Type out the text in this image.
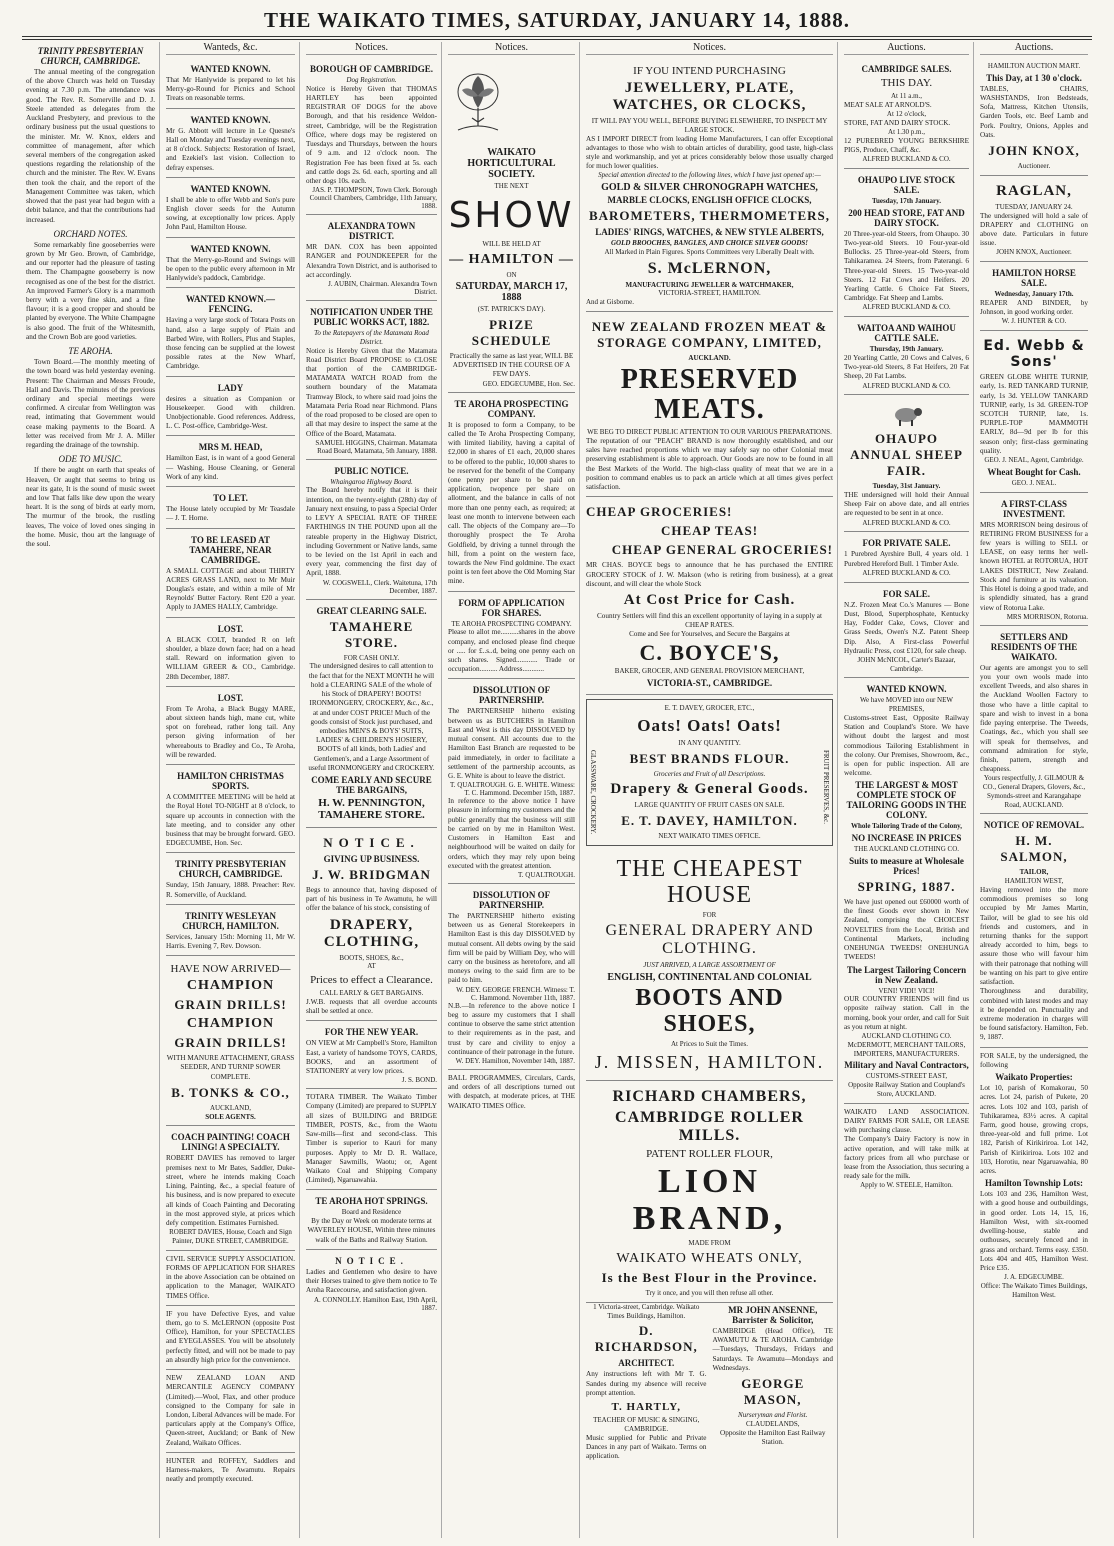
THE WAIKATO TIMES, SATURDAY, JANUARY 14, 1888.
TRINITY PRESBYTERIAN CHURCH, CAMBRIDGE.

The annual meeting of the congregation of the above Church was held on Tuesday evening at 7.30 p.m. The attendance was good. The Rev. R. Somerville and D. J. Steele attended as delegates from the Auckland Presbytery, and previous to the ordinary business put the usual questions to the minister. Mr. W. Knox, elders and committee of management, after which several members of the congregation asked questions regarding the relationship of the church and the minister. The Rev. W. Evans then took the chair, and the report of the Management Committee was taken, which showed that the past year had begun with a debit balance, and that the contributions had increased.

ORCHARD NOTES.

Some remarkably fine gooseberries were grown by Mr Geo. Brown, of Cambridge, and our reporter had the pleasure of tasting them. The Champagne gooseberry is now recognised as one of the best for the district. An improved Farmer's Glory is a mammoth berry with a very fine skin, and a fine flavour; it is a good cropper and should be planted by everyone. The White Champagne is also good. The fruit of the Whitesmith, and the Crown Bob are good varieties.

TE AROHA.

Town Board.—The monthly meeting of the town board was held yesterday evening. Present: The Chairman and Messrs Froude, Hall and Davis. The minutes of the previous ordinary and special meetings were confirmed. A circular from Wellington was read, intimating that Government would cease making payments to the Board. A letter was received from Mr J. A. Miller regarding the drainage of the township.

ODE TO MUSIC.

If there be aught on earth that speaks of Heaven, Or aught that seems to bring us near its gate, It is the sound of music sweet and low That falls like dew upon the weary heart. It is the song of birds at early morn, The murmur of the brook, the rustling leaves, The voice of loved ones singing in the home. Music, thou art the language of the soul.

Wanteds, &c.
WANTED KNOWN.
That Mr Hanlywide is prepared to let his Merry-go-Round for Picnics and School Treats on reasonable terms.
WANTED KNOWN.
Mr G. Abbott will lecture in Le Quesne's Hall on Monday and Tuesday evenings next, at 8 o'clock. Subjects: Restoration of Israel, and Ezekiel's last vision. Collection to defray expenses.
WANTED KNOWN.
I shall be able to offer Webb and Son's pure English clover seeds for the Autumn sowing, at exceptionally low prices. Apply John Paul, Hamilton House.
WANTED KNOWN.
That the Merry-go-Round and Swings will be open to the public every afternoon in Mr Hanlywide's paddock, Cambridge.
WANTED KNOWN.—FENCING.
Having a very large stock of Totara Posts on hand, also a large supply of Plain and Barbed Wire, with Rollers, Plus and Staples, those fencing can be supplied at the lowest possible rates at the New Wharf, Cambridge.
LADY
desires a situation as Companion or Housekeeper. Good with children. Unobjectionable. Good references. Address, L. C. Post-office, Cambridge-West.
MRS M. HEAD,
Hamilton East, is in want of a good General — Washing, House Cleaning, or General Work of any kind.
TO LET.
The House lately occupied by Mr Teasdale — J. T. Horne.
TO BE LEASED AT TAMAHERE, NEAR CAMBRIDGE.
A SMALL COTTAGE and about THIRTY ACRES GRASS LAND, next to Mr Muir Douglas's estate, and within a mile of Mr Reynolds' Butter Factory. Rent £20 a year. Apply to JAMES HALLY, Cambridge.
LOST.
A BLACK COLT, branded R on left shoulder, a blaze down face; had on a head stall. Reward on information given to WILLIAM GREER & CO., Cambridge. 28th December, 1887.
LOST.
From Te Aroha, a Black Buggy MARE, about sixteen hands high, mane cut, white spot on forehead, rather long tail. Any person giving information of her whereabouts to Bradley and Co., Te Aroha, will be rewarded.
HAMILTON CHRISTMAS SPORTS.
A COMMITTEE MEETING will be held at the Royal Hotel TO-NIGHT at 8 o'clock, to square up accounts in connection with the late meeting, and to consider any other business that may be brought forward. GEO. EDGECUMBE, Hon. Sec.
TRINITY PRESBYTERIAN CHURCH, CAMBRIDGE.
Sunday, 15th January, 1888. Preacher: Rev. R. Somerville, of Auckland.
TRINITY WESLEYAN CHURCH, HAMILTON.
Services, January 15th: Morning 11, Mr W. Harris. Evening 7, Rev. Dowson.
HAVE NOW ARRIVED—
CHAMPION
GRAIN DRILLS!
CHAMPION
GRAIN DRILLS!
WITH MANURE ATTACHMENT, GRASS SEEDER, AND TURNIP SOWER COMPLETE.
B. TONKS & CO.,
AUCKLAND,
SOLE AGENTS.
COACH PAINTING! COACH LINING! A SPECIALTY.
ROBERT DAVIES has removed to larger premises next to Mr Bates, Saddler, Duke-street, where he intends making Coach Lining, Painting, &c., a special feature of his business, and is now prepared to execute all kinds of Coach Painting and Decorating in the most approved style, at prices which defy competition. Estimates Furnished.
ROBERT DAVIES, House, Coach and Sign Painter, DUKE STREET, CAMBRIDGE.
CIVIL SERVICE SUPPLY ASSOCIATION. FORMS OF APPLICATION FOR SHARES in the above Association can be obtained on application to the Manager, WAIKATO TIMES Office.
IF you have Defective Eyes, and value them, go to S. McLERNON (opposite Post Office), Hamilton, for your SPECTACLES and EYEGLASSES. You will be absolutely perfectly fitted, and will not be made to pay an absurdly high price for the convenience.
NEW ZEALAND LOAN AND MERCANTILE AGENCY COMPANY (Limited).—Wool, Flax, and other produce consigned to the Company for sale in London, Liberal Advances will be made. For particulars apply at the Company's Office, Queen-street, Auckland; or Bank of New Zealand, Waikato Offices.
HUNTER and ROFFEY, Saddlers and Harness-makers, Te Awamutu. Repairs neatly and promptly executed.
Notices.
BOROUGH OF CAMBRIDGE.
Dog Registration.
Notice is Hereby Given that THOMAS HARTLEY has been appointed REGISTRAR OF DOGS for the above Borough, and that his residence Weldon-street, Cambridge, will be the Registration Office, where dogs may be registered on Tuesdays and Thursdays, between the hours of 9 a.m. and 12 o'clock noon. The Registration Fee has been fixed at 5s. each and cattle dogs 2s. 6d. each, sporting and all other dogs 10s. each.
JAS. P. THOMPSON, Town Clerk. Borough Council Chambers, Cambridge, 11th January, 1888.
ALEXANDRA TOWN DISTRICT.
MR DAN. COX has been appointed RANGER and POUNDKEEPER for the Alexandra Town District, and is authorised to act accordingly.
J. AUBIN, Chairman. Alexandra Town District.
NOTIFICATION UNDER THE PUBLIC WORKS ACT, 1882.
To the Ratepayers of the Matamata Road District.
Notice is Hereby Given that the Matamata Road District Board PROPOSE to CLOSE that portion of the CAMBRIDGE-MATAMATA WATCH ROAD from the southern boundary of the Matamata Tramway Block, to where said road joins the Matamata Peria Road near Richmond. Plans of the road proposed to be closed are open to all that may desire to inspect the same at the Office of the Board, Matamata.
SAMUEL HIGGINS, Chairman. Matamata Road Board, Matamata, 5th January, 1888.
PUBLIC NOTICE.
Whaingaroa Highway Board.
The Board hereby notify that it is their intention, on the twenty-eighth (28th) day of January next ensuing, to pass a Special Order to LEVY A SPECIAL RATE OF THREE FARTHINGS IN THE POUND upon all the rateable property in the Highway District, including Government or Native lands, same to be levied on the 1st April in each and every year, commencing the first day of April, 1888.
W. COGSWELL, Clerk. Waitetuna, 17th December, 1887.
GREAT CLEARING SALE.
TAMAHERE STORE.
FOR CASH ONLY.
The undersigned desires to call attention to the fact that for the NEXT MONTH he will hold a CLEARING SALE of the whole of his Stock of DRAPERY! BOOTS! IRONMONGERY, CROCKERY, &c., &c., at and under COST PRICE! Much of the goods consist of Stock just purchased, and embodies MEN'S & BOYS' SUITS, LADIES' & CHILDREN'S HOSIERY, BOOTS of all kinds, both Ladies' and Gentlemen's, and a Large Assortment of useful IRONMONGERY and CROCKERY.
COME EARLY AND SECURE THE BARGAINS,
H. W. PENNINGTON, TAMAHERE STORE.
NOTICE.
GIVING UP BUSINESS.
J. W. BRIDGMAN
Begs to announce that, having disposed of part of his business in Te Awamutu, he will offer the balance of his stock, consisting of
DRAPERY, CLOTHING,
BOOTS, SHOES, &c.,
AT
Prices to effect a Clearance.
CALL EARLY & GET BARGAINS.
J.W.B. requests that all overdue accounts shall be settled at once.
FOR THE NEW YEAR.
ON VIEW at Mr Campbell's Store, Hamilton East, a variety of handsome TOYS, CARDS, BOOKS, and an assortment of STATIONERY at very low prices.
J. S. BOND.
TOTARA TIMBER. The Waikato Timber Company (Limited) are prepared to SUPPLY all sizes of BUILDING and BRIDGE TIMBER, POSTS, &c., from the Waotu Saw-mills—first and second-class. This Timber is superior to Kauri for many purposes. Apply to Mr D. R. Wallace, Manager Sawmills, Waotu; or, Agent Waikato Coal and Shipping Company (Limited), Ngaruawahia.
TE AROHA HOT SPRINGS.
Board and Residence
By the Day or Week on moderate terms at WAVERLEY HOUSE, Within three minutes walk of the Baths and Railway Station.
NOTICE.
Ladies and Gentlemen who desire to have their Horses trained to give them notice to Te Aroha Racecourse, and satisfaction given.
A. CONNOLLY. Hamilton East, 19th April, 1887.
Notices.
WAIKATO HORTICULTURAL SOCIETY.
THE NEXT
SHOW
WILL BE HELD AT
— HAMILTON —
ON
SATURDAY, MARCH 17, 1888
(ST. PATRICK'S DAY).
PRIZE SCHEDULE
Practically the same as last year, WILL BE ADVERTISED IN THE COURSE OF A FEW DAYS.
GEO. EDGECUMBE, Hon. Sec.
TE AROHA PROSPECTING COMPANY.
It is proposed to form a Company, to be called the Te Aroha Prospecting Company, with limited liability, having a capital of £2,000 in shares of £1 each, 20,000 shares to be offered to the public, 10,000 shares to be reserved for the benefit of the Company (one penny per share to be paid on application, twopence per share on allotment, and the balance in calls of not more than one penny each, as required; at least one month to intervene between each call. The objects of the Company are—To thoroughly prospect the Te Aroha Goldfield, by driving a tunnel through the hill, from a point on the western face, towards the New Find goldmine. The exact point is ten feet above the Old Morning Star mine.
FORM OF APPLICATION FOR SHARES.
TE AROHA PROSPECTING COMPANY.
Please to allot me..........shares in the above company, and enclosed please find cheque or ..... for £..s..d, being one penny each on such shares. Signed............ Trade or occupation.......... Address............
DISSOLUTION OF PARTNERSHIP.
The PARTNERSHIP hitherto existing between us as BUTCHERS in Hamilton East and West is this day DISSOLVED by mutual consent. All accounts due to the Hamilton East Branch are requested to be paid immediately, in order to facilitate a settlement of the partnership accounts, as G. E. White is about to leave the district.
T. QUALTROUGH. G. E. WHITE. Witness: T. C. Hammond. December 15th, 1887.
In reference to the above notice I have pleasure in informing my customers and the public generally that the business will still be carried on by me in Hamilton West. Customers in Hamilton East and neighbourhood will be waited on daily for orders, which they may rely upon being executed with the greatest attention.
T. QUALTROUGH.
DISSOLUTION OF PARTNERSHIP.
The PARTNERSHIP hitherto existing between us as General Storekeepers in Hamilton East is this day DISSOLVED by mutual consent. All debts owing by the said firm will be paid by William Dey, who will carry on the business as heretofore, and all moneys owing to the said firm are to be paid to him.
W. DEY. GEORGE FRENCH. Witness: T. C. Hammond. November 11th, 1887.
N.B.—In reference to the above notice I beg to assure my customers that I shall continue to observe the same strict attention to their requirements as in the past, and trust by care and civility to enjoy a continuance of their patronage in the future.
W. DEY. Hamilton, November 14th, 1887.
BALL PROGRAMMES, Circulars, Cards, and orders of all descriptions turned out with despatch, at moderate prices, at THE WAIKATO TIMES Office.
Notices.
IF YOU INTEND PURCHASING
JEWELLERY, PLATE, WATCHES, OR CLOCKS,
IT WILL PAY YOU WELL, BEFORE BUYING ELSEWHERE, TO INSPECT MY LARGE STOCK.
AS I IMPORT DIRECT from leading Home Manufacturers, I can offer Exceptional advantages to those who wish to obtain articles of durability, good taste, high-class style and workmanship, and yet at prices considerably below those usually charged for much lower qualities.
Special attention directed to the following lines, which I have just opened up:—
GOLD & SILVER CHRONOGRAPH WATCHES,
MARBLE CLOCKS, ENGLISH OFFICE CLOCKS,
BAROMETERS, THERMOMETERS,
LADIES' RINGS, WATCHES, & NEW STYLE ALBERTS,
GOLD BROOCHES, BANGLES, AND CHOICE SILVER GOODS!
All Marked in Plain Figures. Sports Committees very Liberally Dealt with.
S. McLERNON,
MANUFACTURING JEWELLER & WATCHMAKER,
VICTORIA-STREET, HAMILTON.
And at Gisborne.
NEW ZEALAND FROZEN MEAT & STORAGE COMPANY, LIMITED,
AUCKLAND.
PRESERVED MEATS.
WE BEG TO DIRECT PUBLIC ATTENTION TO OUR VARIOUS PREPARATIONS.
The reputation of our "PEACH" BRAND is now thoroughly established, and our sales have reached proportions which we may safely say no other Colonial meat preserving establishment is able to approach. Our Goods are now to be found in all the Best Markets of the World. The high-class quality of meat that we are in a position to command enables us to pack an article which at all times gives perfect satisfaction.
CHEAP GROCERIES!
CHEAP TEAS!
CHEAP GENERAL GROCERIES!
MR CHAS. BOYCE begs to announce that he has purchased the ENTIRE GROCERY STOCK of J. W. Makson (who is retiring from business), at a great discount, and will clear the whole Stock
At Cost Price for Cash.
Country Settlers will find this an excellent opportunity of laying in a supply at CHEAP RATES.
Come and See for Yourselves, and Secure the Bargains at
C. BOYCE'S,
BAKER, GROCER, AND GENERAL PROVISION MERCHANT,
VICTORIA-ST., CAMBRIDGE.
GLASSWARE, CROCKERY.	FRUIT PRESERVES, &c.
E. T. DAVEY, GROCER, ETC.,
Oats! Oats! Oats!
IN ANY QUANTITY.
BEST BRANDS FLOUR.
Groceries and Fruit of all Descriptions.
Drapery & General Goods.
LARGE QUANTITY OF FRUIT CASES ON SALE.
E. T. DAVEY, HAMILTON.
NEXT WAIKATO TIMES OFFICE.
THE CHEAPEST HOUSE
FOR
GENERAL DRAPERY AND CLOTHING.
JUST ARRIVED, A LARGE ASSORTMENT OF
ENGLISH, CONTINENTAL AND COLONIAL
BOOTS AND SHOES,
At Prices to Suit the Times.
J. MISSEN, HAMILTON.
RICHARD CHAMBERS,
CAMBRIDGE ROLLER MILLS.
PATENT ROLLER FLOUR,
LION BRAND,
MADE FROM
WAIKATO WHEATS ONLY,
Is the Best Flour in the Province.
Try it once, and you will then refuse all other.
1 Victoria-street, Cambridge. Waikato Times Buildings, Hamilton.
D. RICHARDSON,
ARCHITECT.
Any instructions left with Mr T. G. Sandes during my absence will receive prompt attention.
T. HARTLY,
TEACHER OF MUSIC & SINGING, CAMBRIDGE.
Music supplied for Public and Private Dances in any part of Waikato. Terms on application.
MR JOHN ANSENNE, Barrister & Solicitor,
CAMBRIDGE (Head Office), TE AWAMUTU & TE AROHA. Cambridge—Tuesdays, Thursdays, Fridays and Saturdays. Te Awamutu—Mondays and Wednesdays.
GEORGE MASON,
Nurseryman and Florist.
CLAUDELANDS,
Opposite the Hamilton East Railway Station.
Auctions.
CAMBRIDGE SALES.
THIS DAY.
At 11 a.m.,
MEAT SALE AT ARNOLD'S.
At 12 o'clock,
STORE, FAT AND DAIRY STOCK.
At 1.30 p.m.,
12 PUREBRED YOUNG BERKSHIRE PIGS, Produce, Chaff, &c.
ALFRED BUCKLAND & CO.
OHAUPO LIVE STOCK SALE.
Tuesday, 17th January.
200 HEAD STORE, FAT AND DAIRY STOCK.
20 Three-year-old Steers, from Ohaupo. 30 Two-year-old Steers. 10 Four-year-old Bullocks. 25 Three-year-old Steers, from Tahikaramea. 24 Steers, from Paterangi. 6 Three-year-old Steers. 15 Two-year-old Steers. 12 Fat Cows and Heifers. 20 Yearling Cattle. 6 Choice Fat Steers, Cambridge. Fat Sheep and Lambs.
ALFRED BUCKLAND & CO.
WAITOA AND WAIHOU CATTLE SALE.
Thursday, 19th January.
20 Yearling Cattle, 20 Cows and Calves, 6 Two-year-old Steers, 8 Fat Heifers, 20 Fat Sheep, 20 Fat Lambs.
ALFRED BUCKLAND & CO.
OHAUPO ANNUAL SHEEP FAIR.
Tuesday, 31st January.
THE undersigned will hold their Annual Sheep Fair on above date, and all entries are requested to be sent in at once.
ALFRED BUCKLAND & CO.
FOR PRIVATE SALE.
1 Purebred Ayrshire Bull, 4 years old. 1 Purebred Hereford Bull. 1 Timber Axle.
ALFRED BUCKLAND & CO.
FOR SALE.
N.Z. Frozen Meat Co.'s Manures — Bone Dust, Blood, Superphosphate, Kentucky Hay, Fodder Cake, Cows, Clover and Grass Seeds, Owen's N.Z. Patent Sheep Dip. Also, A First-class Powerful Hydraulic Press, cost £120, for sale cheap.
JOHN McNICOL, Carter's Bazaar, Cambridge.
WANTED KNOWN.
We have MOVED into our NEW PREMISES,
Customs-street East, Opposite Railway Station and Coupland's Store. We have without doubt the largest and most commodious Tailoring Establishment in the colony. Our Premises, Showroom, &c., is open for public inspection. All are welcome.
THE LARGEST & MOST COMPLETE STOCK OF TAILORING GOODS IN THE COLONY.
Whole Tailoring Trade of the Colony,
NO INCREASE IN PRICES
THE AUCKLAND CLOTHING CO.
Suits to measure at Wholesale Prices!
SPRING, 1887.
We have just opened out £60000 worth of the finest Goods ever shown in New Zealand, comprising the CHOICEST NOVELTIES from the Local, British and Continental Markets, including ONEHUNGA TWEEDS! ONEHUNGA TWEEDS!
The Largest Tailoring Concern in New Zealand.
VENI! VIDI! VICI!
OUR COUNTRY FRIENDS will find us opposite railway station. Call in the morning, book your order, and call for Suit as you return at night.
AUCKLAND CLOTHING CO. McDERMOTT, MERCHANT TAILORS, IMPORTERS, MANUFACTURERS.
Military and Naval Contractors,
CUSTOMS-STREET EAST,
Opposite Railway Station and Coupland's Store, AUCKLAND.
WAIKATO LAND ASSOCIATION. DAIRY FARMS FOR SALE, OR LEASE with purchasing clause.
The Company's Dairy Factory is now in active operation, and will take milk at factory prices from all who purchase or lease from the Association, thus securing a ready sale for the milk.
Apply to W. STEELE, Hamilton.
Auctions.
HAMILTON AUCTION MART.
This Day, at 1 30 o'clock.
TABLES, CHAIRS, WASHSTANDS, Iron Bedsteads, Sofa, Mattress, Kitchen Utensils, Garden Tools, etc. Beef Lamb and Pork. Poultry, Onions, Apples and Oats.
JOHN KNOX,
Auctioneer.
RAGLAN,
TUESDAY, JANUARY 24.
The undersigned will hold a sale of DRAPERY and CLOTHING on above date. Particulars in future issue.
JOHN KNOX, Auctioneer.
HAMILTON HORSE SALE.
Wednesday, January 17th.
REAPER AND BINDER, by Johnson, in good working order.
W. J. HUNTER & CO.
Ed. Webb & Sons'
GREEN GLOBE WHITE TURNIP, early, 1s. RED TANKARD TURNIP, early, 1s 3d. YELLOW TANKARD TURNIP, early, 1s 3d. GREEN-TOP SCOTCH TURNIP, late, 1s. PURPLE-TOP MAMMOTH EARLY, 8d—9d per lb for this season only; first-class germinating quality.
GEO. J. NEAL, Agent, Cambridge.
Wheat Bought for Cash.
GEO. J. NEAL.
A FIRST-CLASS INVESTMENT.
MRS MORRISON being desirous of RETIRING FROM BUSINESS for a few years is willing to SELL or LEASE, on easy terms her well-known HOTEL at ROTORUA, HOT LAKES DISTRICT, New Zealand. Stock and furniture at its valuation. This Hotel is doing a good trade, and is splendidly situated, has a grand view of Rotorua Lake.
MRS MORRISON, Rotorua.
SETTLERS AND RESIDENTS OF THE WAIKATO.
Our agents are amongst you to sell you your own wools made into excellent Tweeds, and also shares in the Auckland Woollen Factory to those who have a little capital to spare and wish to invest in a bona fide paying enterprise. The Tweeds, Coatings, &c., which you shall see will speak for themselves, and command admiration for style, finish, pattern, strength and cheapness.
Yours respectfully, J. GILMOUR & CO., General Drapers, Glovers, &c., Symonds-street and Karangahape Road, AUCKLAND.
NOTICE OF REMOVAL.
H. M. SALMON,
TAILOR,
HAMILTON WEST,
Having removed into the more commodious premises so long occupied by Mr James Martin, Tailor, will be glad to see his old friends and customers, and in returning thanks for the support already accorded to him, begs to assure those who will favour him with their patronage that nothing will be wanting on his part to give entire satisfaction.
Thoroughness and durability, combined with latest modes and may it be depended on. Punctuality and extreme moderation in charges will be found satisfactory. Hamilton, Feb. 9, 1887.
FOR SALE, by the undersigned, the following
Waikato Properties:
Lot 10, parish of Komakorau, 50 acres. Lot 24, parish of Pukete, 20 acres. Lots 102 and 103, parish of Tuhikaramea, 83½ acres. A capital Farm, good house, growing crops, three-year-old and full prime. Lot 182, Parish of Kirikiriroa. Lot 142, Parish of Kirikiriroa. Lots 102 and 103, Horotiu, near Ngaruawahia, 80 acres.
Hamilton Township Lots:
Lots 103 and 236, Hamilton West, with a good house and outbuildings, in good order. Lots 14, 15, 16, Hamilton West, with six-roomed dwelling-house, stable and outhouses, securely fenced and in grass and orchard. Terms easy. £350. Lots 404 and 405, Hamilton West. Price £35.
J. A. EDGECUMBE.
Office: The Waikato Times Buildings, Hamilton West.
